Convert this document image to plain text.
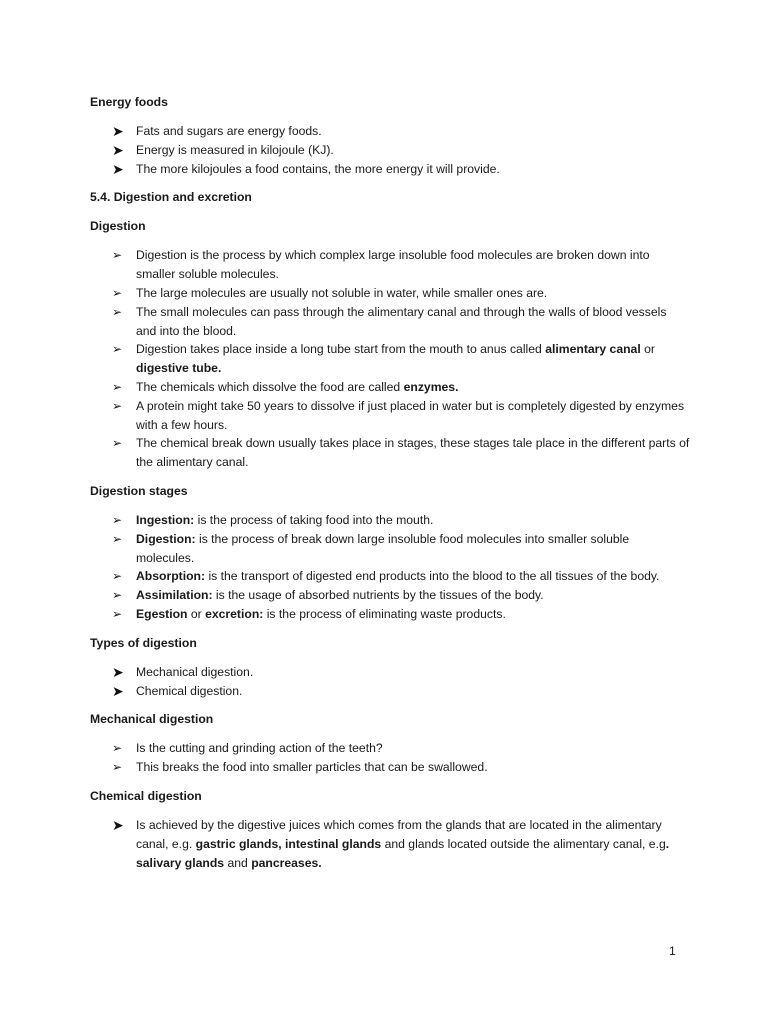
Energy foods
➤ Fats and sugars are energy foods.
➤ Energy is measured in kilojoule (KJ).
➤ The more kilojoules a food contains, the more energy it will provide.
5.4. Digestion and excretion
Digestion
➢	Digestion is the process by which complex large insoluble food molecules are broken down into smaller soluble molecules.
➢	The large molecules are usually not soluble in water, while smaller ones are.
➢	The small molecules can pass through the alimentary canal and through the walls of blood vessels and into the blood.
➢	Digestion takes place inside a long tube start from the mouth to anus called alimentary canal or digestive tube.
➢	The chemicals which dissolve the food are called enzymes.
➢	A protein might take 50 years to dissolve if just placed in water but is completely digested by enzymes with a few hours.
➢	The chemical break down usually takes place in stages, these stages tale place in the different parts of the alimentary canal.
Digestion stages
➢	Ingestion: is the process of taking food into the mouth.
➢	Digestion: is the process of break down large insoluble food molecules into smaller soluble molecules.
➢	Absorption: is the transport of digested end products into the blood to the all tissues of the body.
➢	Assimilation: is the usage of absorbed nutrients by the tissues of the body.
➢	Egestion or excretion: is the process of eliminating waste products.
Types of digestion
➤ Mechanical digestion.
➤ Chemical digestion.
Mechanical digestion
➢	Is the cutting and grinding action of the teeth?
➢	This breaks the food into smaller particles that can be swallowed.
Chemical digestion
➤ Is achieved by the digestive juices which comes from the glands that are located in the alimentary canal, e.g. gastric glands, intestinal glands and glands located outside the alimentary canal, e.g. salivary glands and pancreases.
1
